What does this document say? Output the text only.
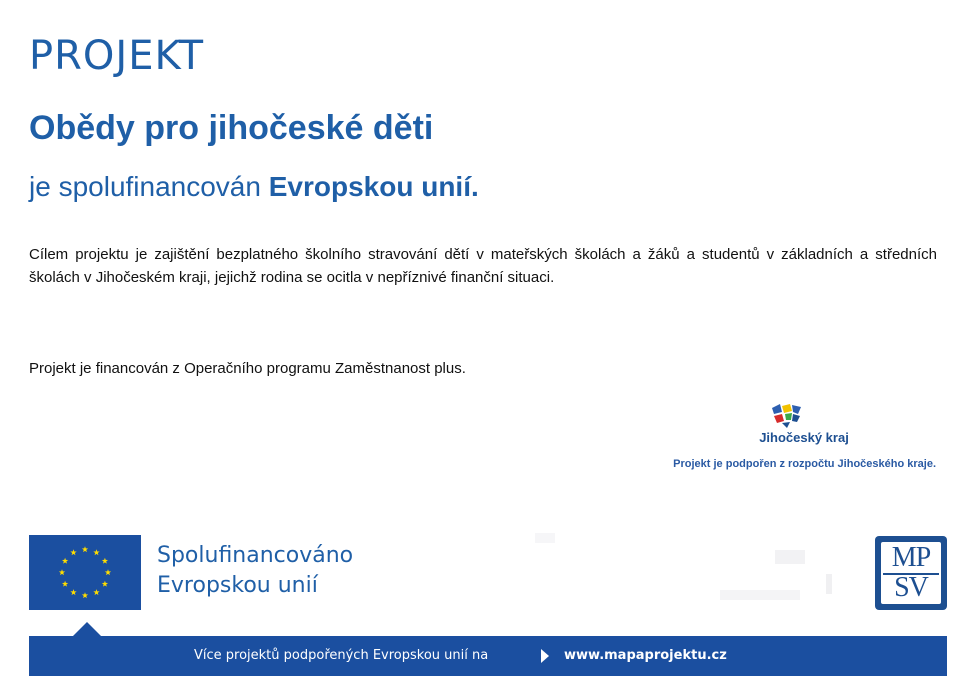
PROJEKT
Obědy pro jihočeské děti
je spolufinancován Evropskou unií.
Cílem projektu je zajištění bezplatného školního stravování dětí v mateřských školách a žáků a studentů v základních a středních školách v Jihočeském kraji, jejichž rodina se ocitla v nepříznivé finanční situaci.
Projekt je financován z Operačního programu Zaměstnanost plus.
Jihočeský kraj
Projekt je podpořen z rozpočtu Jihočeského kraje.
Spolufinancováno
Evropskou unií
MP
SV
Více projektů podpořených Evropskou unií na	www.mapaprojektu.cz
